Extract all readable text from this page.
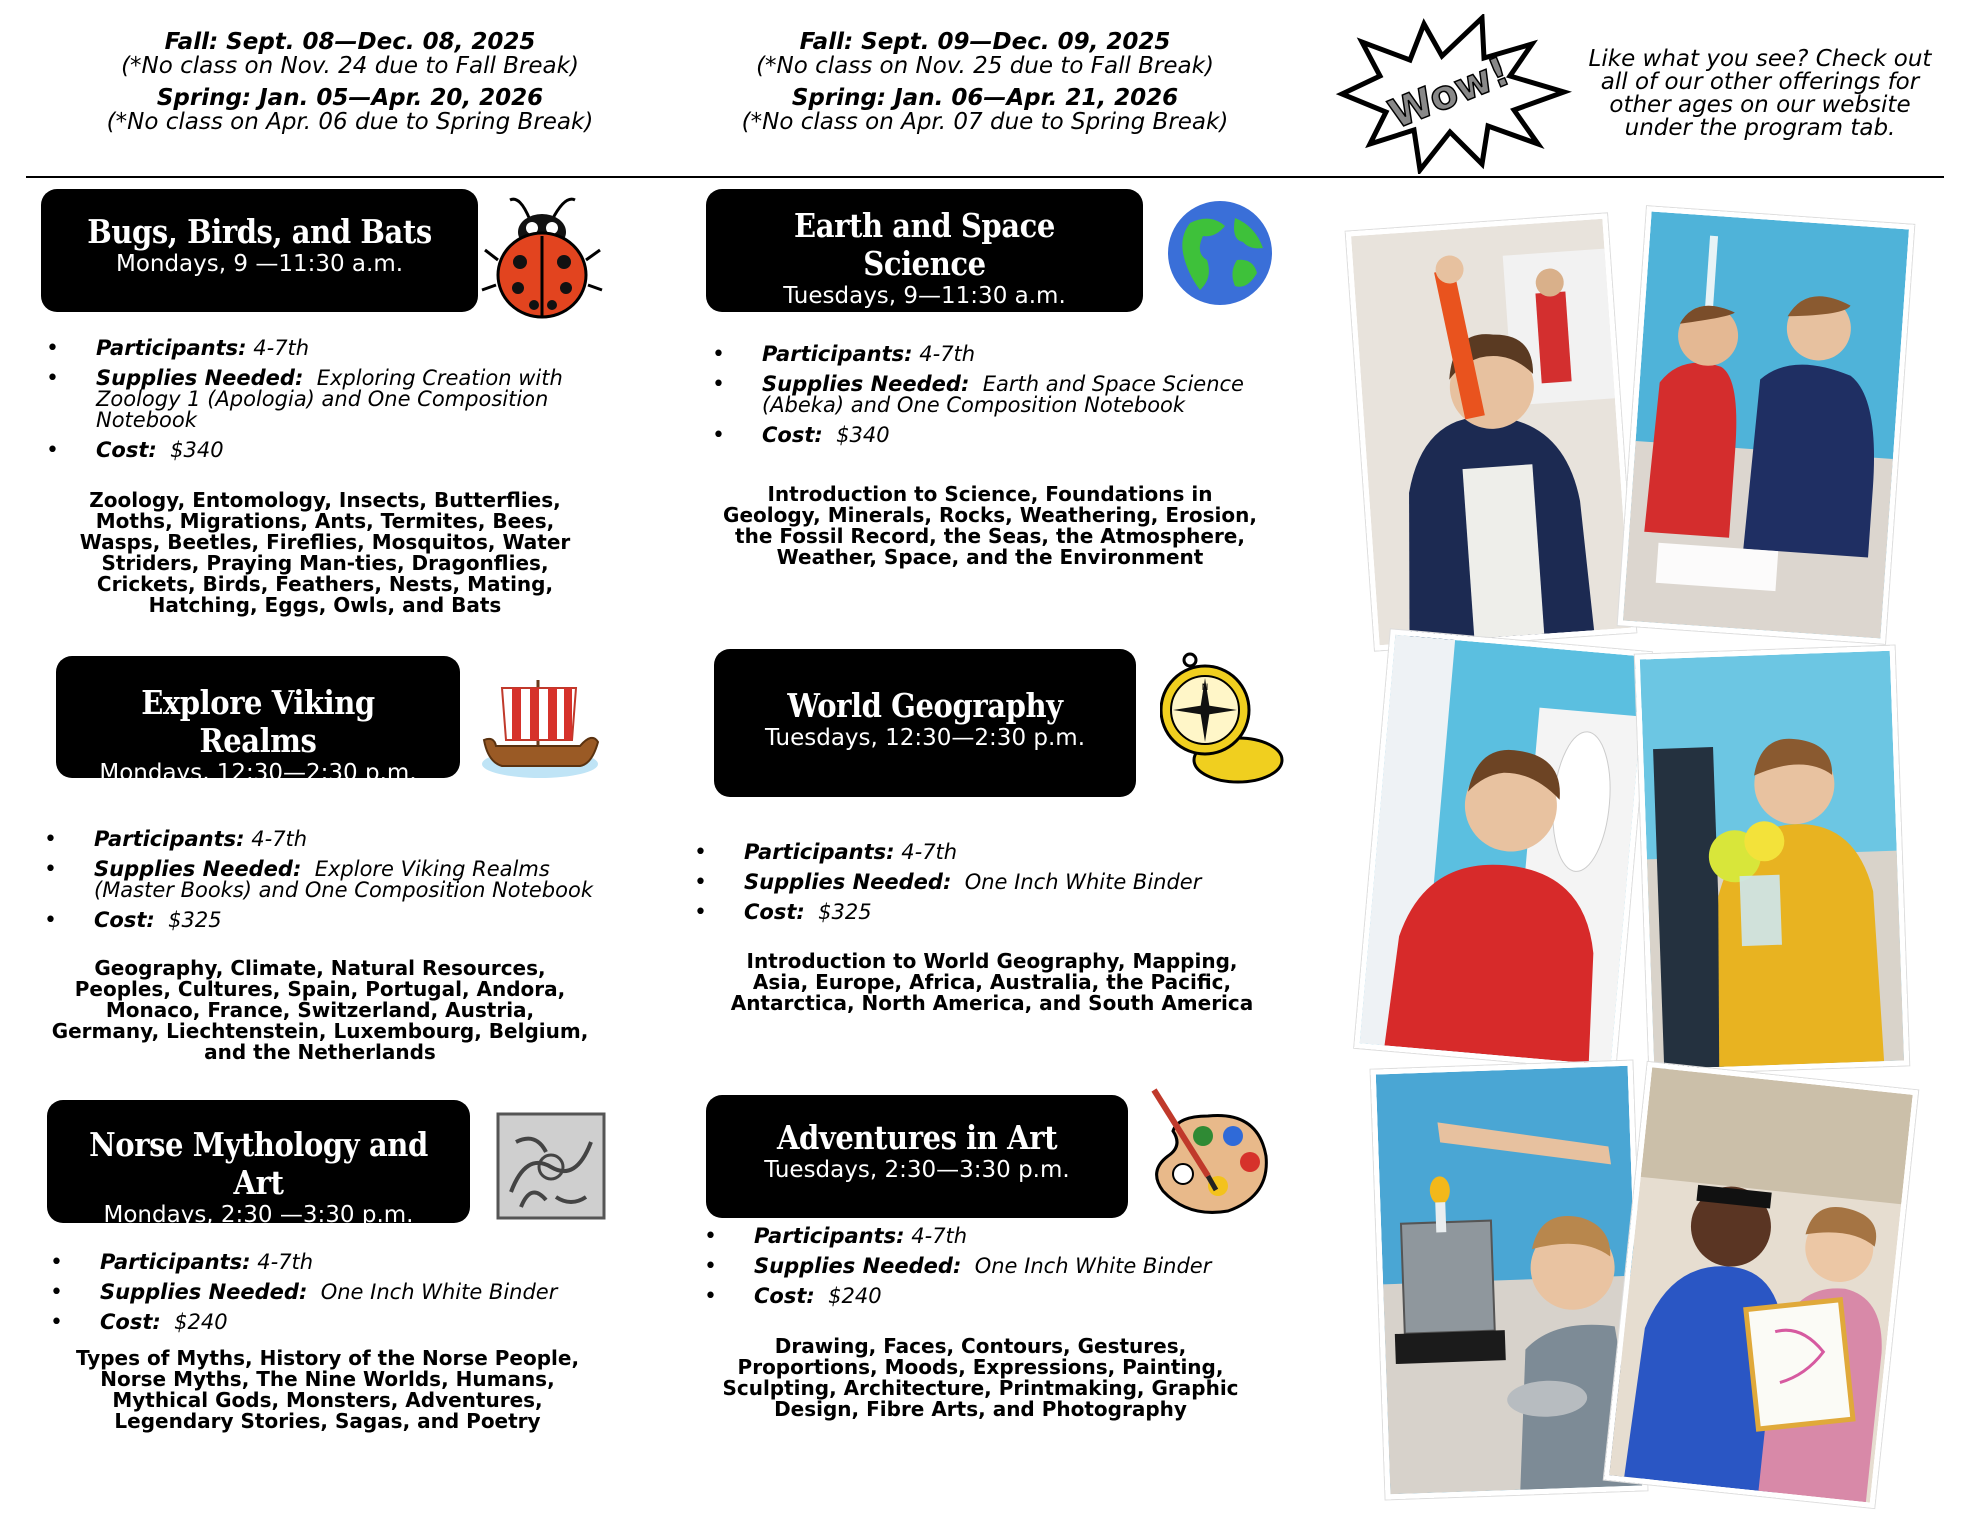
Fall: Sept. 08—Dec. 08, 2025
(*No class on Nov. 24 due to Fall Break)
Spring: Jan. 05—Apr. 20, 2026
(*No class on Apr. 06 due to Spring Break)
Fall: Sept. 09—Dec. 09, 2025
(*No class on Nov. 25 due to Fall Break)
Spring: Jan. 06—Apr. 21, 2026
(*No class on Apr. 07 due to Spring Break)	Wow!	Like what you see? Check out all of our other offerings for other ages on our website under the program tab.
Bugs, Birds, and Bats
Mondays, 9 —11:30 a.m.
• Participants: 4-7th
• Supplies Needed: Exploring Creation with Zoology 1 (Apologia) and One Composition Notebook
• Cost: $340
Zoology, Entomology, Insects, Butterflies, Moths, Migrations, Ants, Termites, Bees, Wasps, Beetles, Fireflies, Mosquitos, Water Striders, Praying Man-ties, Dragonflies, Crickets, Birds, Feathers, Nests, Mating, Hatching, Eggs, Owls, and Bats
Earth and Space Science
Tuesdays, 9—11:30 a.m.
• Participants: 4-7th
• Supplies Needed: Earth and Space Science (Abeka) and One Composition Notebook
• Cost: $340
Introduction to Science, Foundations in Geology, Minerals, Rocks, Weathering, Erosion, the Fossil Record, the Seas, the Atmosphere, Weather, Space, and the Environment
Explore Viking Realms
Mondays, 12:30—2:30 p.m.
• Participants: 4-7th
• Supplies Needed: Explore Viking Realms (Master Books) and One Composition Notebook
• Cost: $325
Geography, Climate, Natural Resources, Peoples, Cultures, Spain, Portugal, Andora, Monaco, France, Switzerland, Austria, Germany, Liechtenstein, Luxembourg, Belgium, and the Netherlands
World Geography
Tuesdays, 12:30—2:30 p.m.
N
• Participants: 4-7th
• Supplies Needed: One Inch White Binder
• Cost: $325
Introduction to World Geography, Mapping, Asia, Europe, Africa, Australia, the Pacific, Antarctica, North America, and South America
Norse Mythology and Art
Mondays, 2:30 —3:30 p.m.
• Participants: 4-7th
• Supplies Needed: One Inch White Binder
• Cost: $240
Types of Myths, History of the Norse People, Norse Myths, The Nine Worlds, Humans, Mythical Gods, Monsters, Adventures, Legendary Stories, Sagas, and Poetry
Adventures in Art
Tuesdays, 2:30—3:30 p.m.
• Participants: 4-7th
• Supplies Needed: One Inch White Binder
• Cost: $240
Drawing, Faces, Contours, Gestures, Proportions, Moods, Expressions, Painting, Sculpting, Architecture, Printmaking, Graphic Design, Fibre Arts, and Photography
